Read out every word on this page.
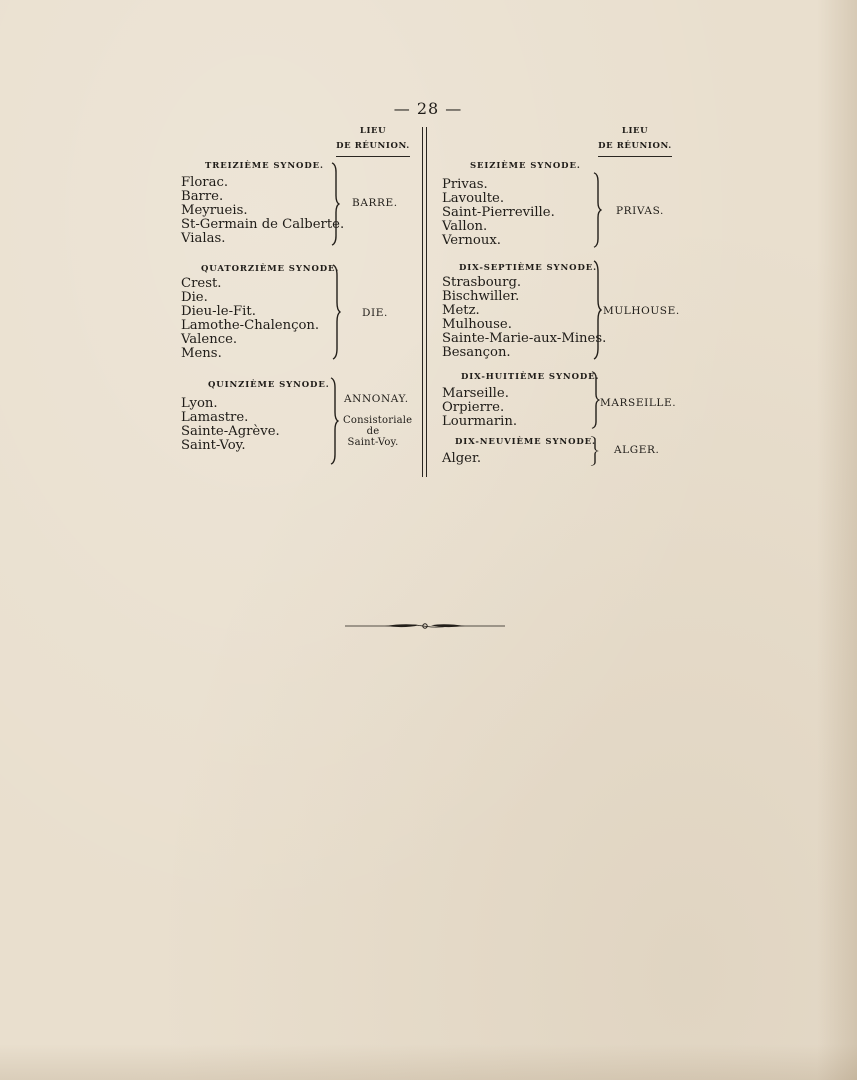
— 28 —
LIEU
DE RÉUNION.
LIEU
DE RÉUNION.
TREIZIÈME SYNODE.
Florac.
Barre.
Meyrueis.
St-Germain de Calberte.
Vialas.
BARRE.
QUATORZIÈME SYNODE.
Crest.
Die.
Dieu-le-Fit.
Lamothe-Chalençon.
Valence.
Mens.
DIE.
QUINZIÈME SYNODE.
Lyon.
Lamastre.
Sainte-Agrève.
Saint-Voy.
ANNONAY.
Consistoriale
de
Saint-Voy.
SEIZIÈME SYNODE.
Privas.
Lavoulte.
Saint-Pierreville.
Vallon.
Vernoux.
PRIVAS.
DIX-SEPTIÈME SYNODE.
Strasbourg.
Bischwiller.
Metz.
Mulhouse.
Sainte-Marie-aux-Mines.
Besançon.
MULHOUSE.
DIX-HUITIÈME SYNODE.
Marseille.
Orpierre.
Lourmarin.
MARSEILLE.
DIX-NEUVIÈME SYNODE.
Alger.
ALGER.
